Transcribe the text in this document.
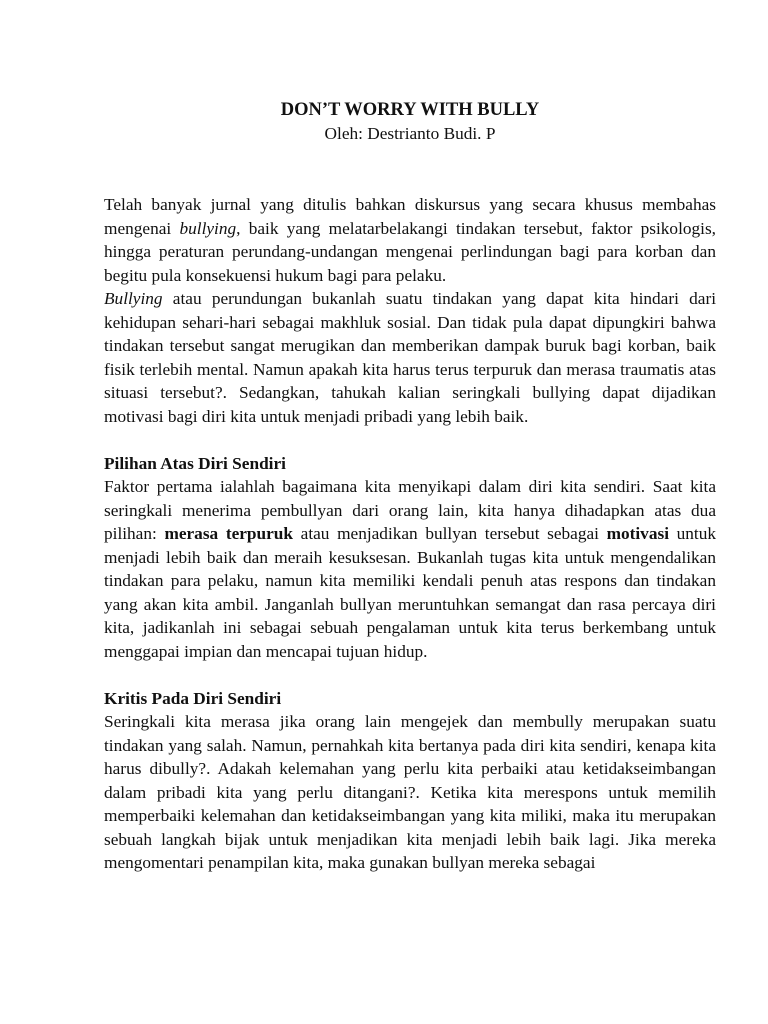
DON’T WORRY WITH BULLY
Oleh: Destrianto Budi. P

Telah banyak jurnal yang ditulis bahkan diskursus yang secara khusus membahas mengenai bullying, baik yang melatarbelakangi tindakan tersebut, faktor psikologis, hingga peraturan perundang-undangan mengenai perlindungan bagi para korban dan begitu pula konsekuensi hukum bagi para pelaku.

Bullying atau perundungan bukanlah suatu tindakan yang dapat kita hindari dari kehidupan sehari-hari sebagai makhluk sosial. Dan tidak pula dapat dipungkiri bahwa tindakan tersebut sangat merugikan dan memberikan dampak buruk bagi korban, baik fisik terlebih mental. Namun apakah kita harus terus terpuruk dan merasa traumatis atas situasi tersebut?. Sedangkan, tahukah kalian seringkali bullying dapat dijadikan motivasi bagi diri kita untuk menjadi pribadi yang lebih baik.

Pilihan Atas Diri Sendiri

Faktor pertama ialahlah bagaimana kita menyikapi dalam diri kita sendiri. Saat kita seringkali menerima pembullyan dari orang lain, kita hanya dihadapkan atas dua pilihan: merasa terpuruk atau menjadikan bullyan tersebut sebagai motivasi untuk menjadi lebih baik dan meraih kesuksesan. Bukanlah tugas kita untuk mengendalikan tindakan para pelaku, namun kita memiliki kendali penuh atas respons dan tindakan yang akan kita ambil. Janganlah bullyan meruntuhkan semangat dan rasa percaya diri kita, jadikanlah ini sebagai sebuah pengalaman untuk kita terus berkembang untuk menggapai impian dan mencapai tujuan hidup.

Kritis Pada Diri Sendiri

Seringkali kita merasa jika orang lain mengejek dan membully merupakan suatu tindakan yang salah. Namun, pernahkah kita bertanya pada diri kita sendiri, kenapa kita harus dibully?. Adakah kelemahan yang perlu kita perbaiki atau ketidakseimbangan dalam pribadi kita yang perlu ditangani?. Ketika kita merespons untuk memilih memperbaiki kelemahan dan ketidakseimbangan yang kita miliki, maka itu merupakan sebuah langkah bijak untuk menjadikan kita menjadi lebih baik lagi. Jika mereka mengomentari penampilan kita, maka gunakan bullyan mereka sebagai
